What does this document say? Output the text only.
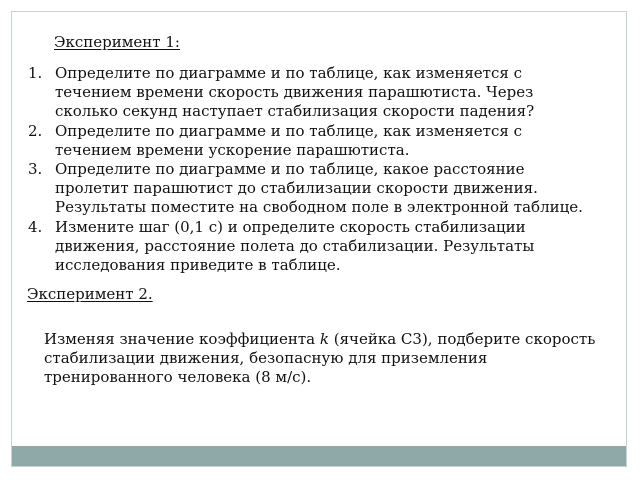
Эксперимент 1:
1. Определите по диаграмме и по таблице, как изменяется с течением времени скорость движения парашютиста. Через сколько секунд наступает стабилизация скорости падения?
2. Определите по диаграмме и по таблице, как изменяется с течением времени ускорение парашютиста.
3. Определите по диаграмме и по таблице, какое расстояние пролетит парашютист до стабилизации скорости движения. Результаты поместите на свободном поле в электронной таблице.
4. Измените шаг (0,1 с) и определите скорость стабилизации движения, расстояние полета до стабилизации. Результаты исследования приведите в таблице.
Эксперимент 2.
Изменяя значение коэффициента k (ячейка С3), подберите скорость стабилизации движения, безопасную для приземления тренированного человека (8 м/с).
